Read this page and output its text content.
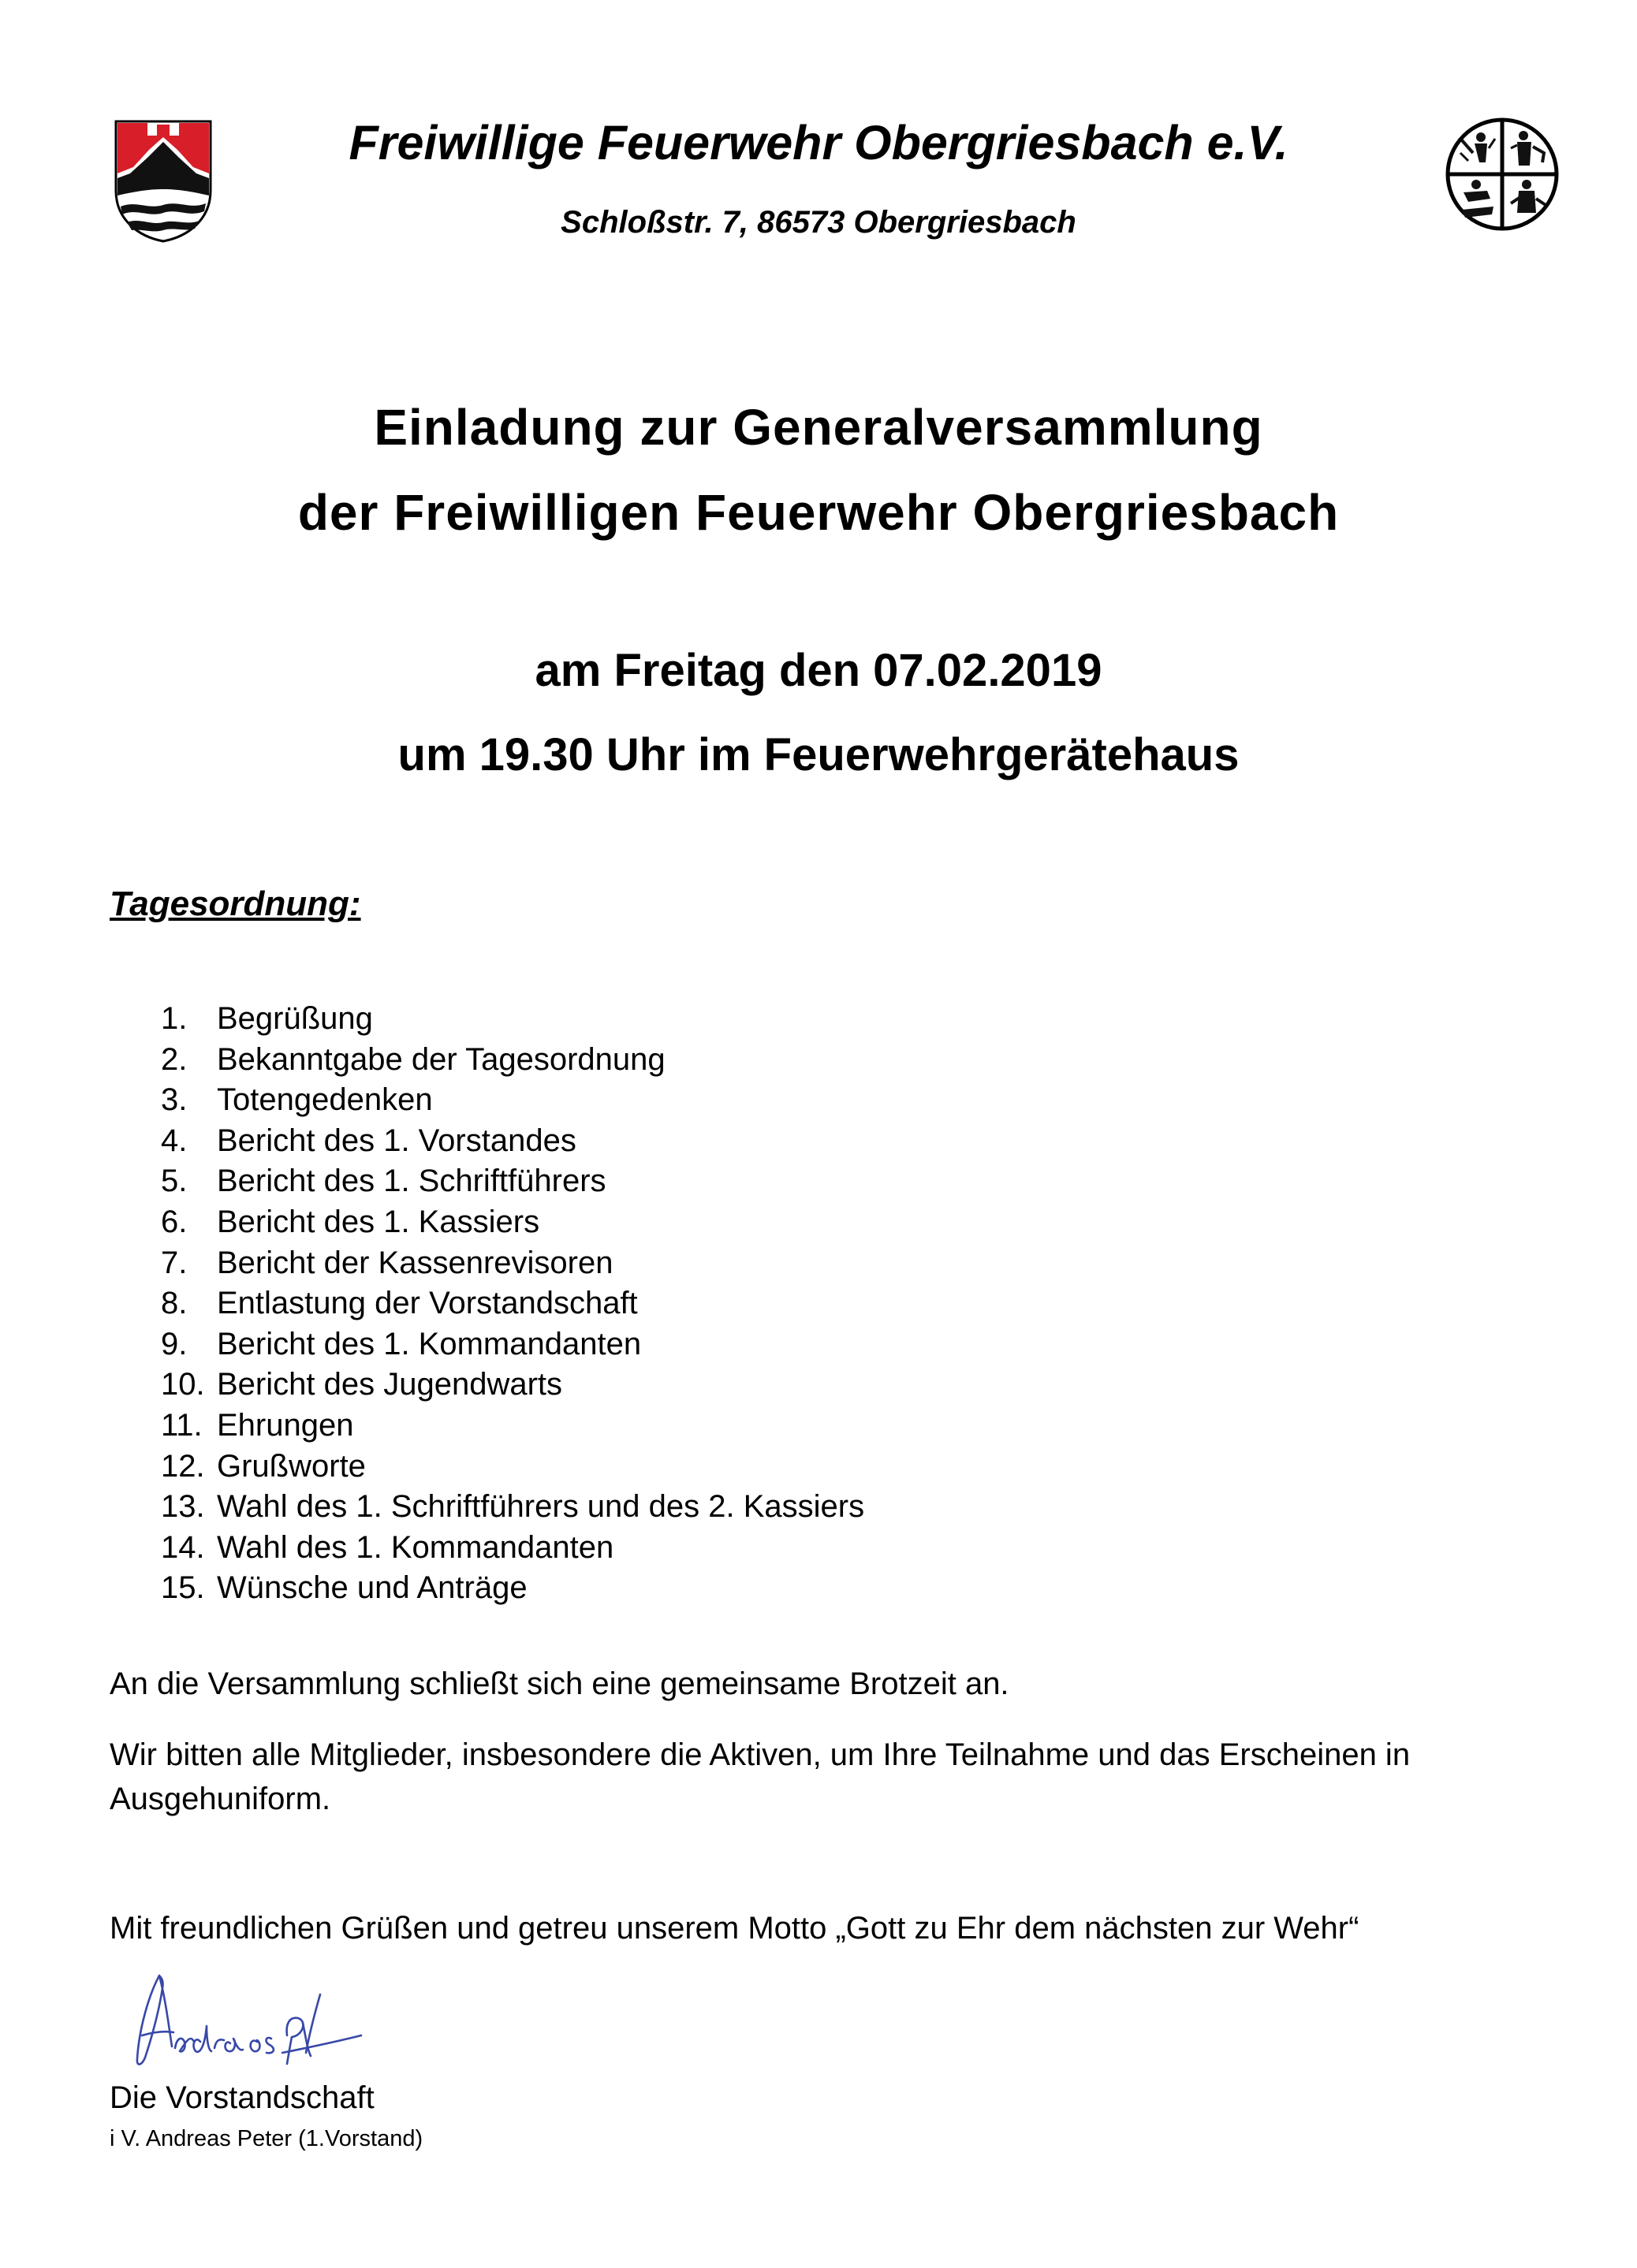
Freiwillige Feuerwehr Obergriesbach e.V.
Schloßstr. 7, 86573 Obergriesbach
Einladung zur Generalversammlung
der Freiwilligen Feuerwehr Obergriesbach
am Freitag den 07.02.2019
um 19.30 Uhr im Feuerwehrgerätehaus
Tagesordnung:
1. Begrüßung
2. Bekanntgabe der Tagesordnung
3. Totengedenken
4. Bericht des 1. Vorstandes
5. Bericht des 1. Schriftführers
6. Bericht des 1. Kassiers
7. Bericht der Kassenrevisoren
8. Entlastung der Vorstandschaft
9. Bericht des 1. Kommandanten
10. Bericht des Jugendwarts
11. Ehrungen
12. Grußworte
13. Wahl des 1. Schriftführers und des 2. Kassiers
14. Wahl des 1. Kommandanten
15. Wünsche und Anträge
An die Versammlung schließt sich eine gemeinsame Brotzeit an.
Wir bitten alle Mitglieder, insbesondere die Aktiven, um Ihre Teilnahme und das Erscheinen in Ausgehuniform.
Mit freundlichen Grüßen und getreu unserem Motto „Gott zu Ehr dem nächsten zur Wehr“
Die Vorstandschaft
i V. Andreas Peter (1.Vorstand)
